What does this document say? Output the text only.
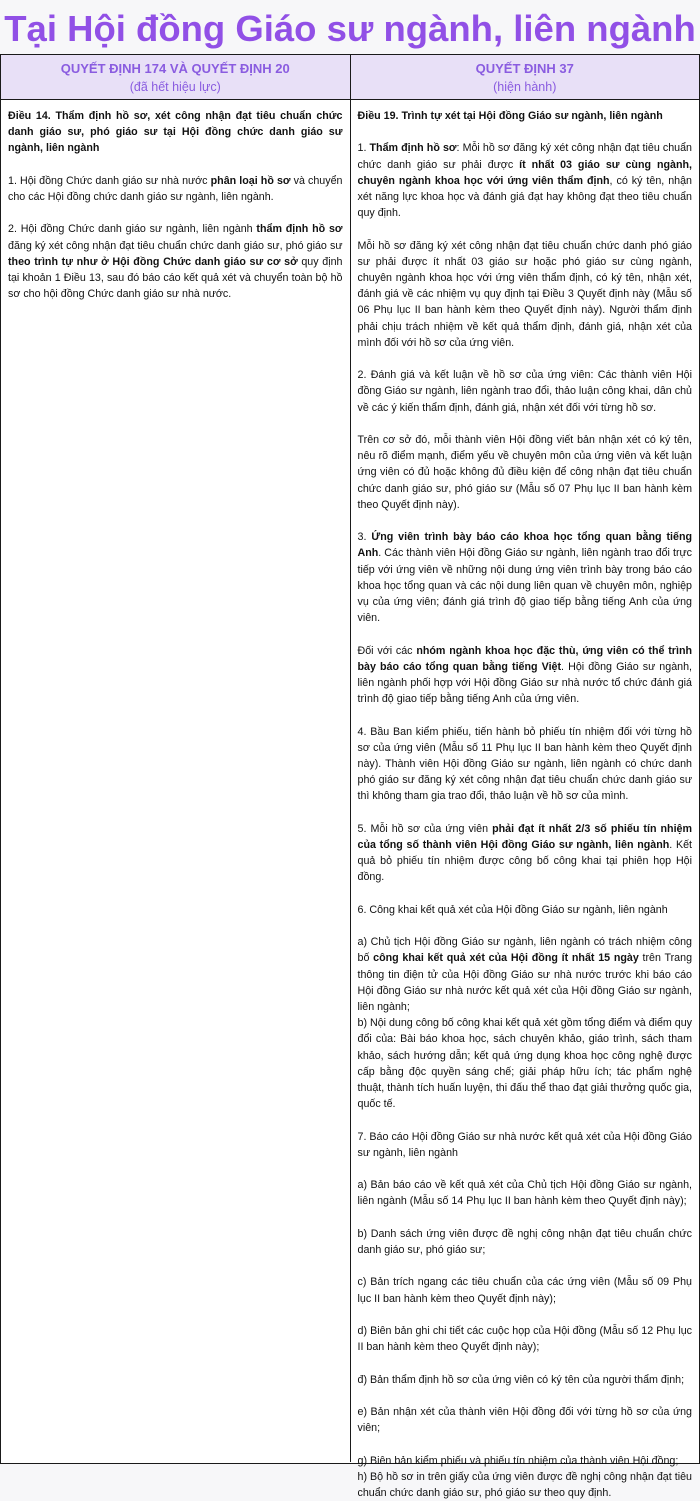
Tại Hội đồng Giáo sư ngành, liên ngành
QUYẾT ĐỊNH 174 VÀ QUYẾT ĐỊNH 20
(đã hết hiệu lực)
QUYẾT ĐỊNH 37
(hiện hành)

Điều 14. Thẩm định hồ sơ, xét công nhận đạt tiêu chuẩn chức danh giáo sư, phó giáo sư tại Hội đồng chức danh giáo sư ngành, liên ngành

1. Hội đồng Chức danh giáo sư nhà nước phân loại hồ sơ và chuyển cho các Hội đồng chức danh giáo sư ngành, liên ngành.

2. Hội đồng Chức danh giáo sư ngành, liên ngành thẩm định hồ sơ đăng ký xét công nhận đạt tiêu chuẩn chức danh giáo sư, phó giáo sư theo trình tự như ở Hội đồng Chức danh giáo sư cơ sở quy định tại khoản 1 Điều 13, sau đó báo cáo kết quả xét và chuyển toàn bộ hồ sơ cho hội đồng Chức danh giáo sư nhà nước.

Điều 19. Trình tự xét tại Hội đồng Giáo sư ngành, liên ngành

1. Thẩm định hồ sơ: Mỗi hồ sơ đăng ký xét công nhận đạt tiêu chuẩn chức danh giáo sư phải được ít nhất 03 giáo sư cùng ngành, chuyên ngành khoa học với ứng viên thẩm định, có ký tên, nhận xét năng lực khoa học và đánh giá đạt hay không đạt theo tiêu chuẩn quy định.

Mỗi hồ sơ đăng ký xét công nhận đạt tiêu chuẩn chức danh phó giáo sư phải được ít nhất 03 giáo sư hoặc phó giáo sư cùng ngành, chuyên ngành khoa học với ứng viên thẩm định, có ký tên, nhận xét, đánh giá về các nhiệm vụ quy định tại Điều 3 Quyết định này (Mẫu số 06 Phụ lục II ban hành kèm theo Quyết định này). Người thẩm định phải chịu trách nhiệm về kết quả thẩm định, đánh giá, nhận xét của mình đối với hồ sơ của ứng viên.

2. Đánh giá và kết luận về hồ sơ của ứng viên: Các thành viên Hội đồng Giáo sư ngành, liên ngành trao đổi, thảo luận công khai, dân chủ về các ý kiến thẩm định, đánh giá, nhận xét đối với từng hồ sơ.

Trên cơ sở đó, mỗi thành viên Hội đồng viết bản nhận xét có ký tên, nêu rõ điểm mạnh, điểm yếu về chuyên môn của ứng viên và kết luận ứng viên có đủ hoặc không đủ điều kiện để công nhận đạt tiêu chuẩn chức danh giáo sư, phó giáo sư (Mẫu số 07 Phụ lục II ban hành kèm theo Quyết định này).

3. Ứng viên trình bày báo cáo khoa học tổng quan bằng tiếng Anh. Các thành viên Hội đồng Giáo sư ngành, liên ngành trao đổi trực tiếp với ứng viên về những nội dung ứng viên trình bày trong báo cáo khoa học tổng quan và các nội dung liên quan về chuyên môn, nghiệp vụ của ứng viên; đánh giá trình độ giao tiếp bằng tiếng Anh của ứng viên.

Đối với các nhóm ngành khoa học đặc thù, ứng viên có thể trình bày báo cáo tổng quan bằng tiếng Việt. Hội đồng Giáo sư ngành, liên ngành phối hợp với Hội đồng Giáo sư nhà nước tổ chức đánh giá trình độ giao tiếp bằng tiếng Anh của ứng viên.

4. Bầu Ban kiểm phiếu, tiến hành bỏ phiếu tín nhiệm đối với từng hồ sơ của ứng viên (Mẫu số 11 Phụ lục II ban hành kèm theo Quyết định này). Thành viên Hội đồng Giáo sư ngành, liên ngành có chức danh phó giáo sư đăng ký xét công nhận đạt tiêu chuẩn chức danh giáo sư thì không tham gia trao đổi, thảo luận về hồ sơ của mình.

5. Mỗi hồ sơ của ứng viên phải đạt ít nhất 2/3 số phiếu tín nhiệm của tổng số thành viên Hội đồng Giáo sư ngành, liên ngành. Kết quả bỏ phiếu tín nhiệm được công bố công khai tại phiên họp Hội đồng.

6. Công khai kết quả xét của Hội đồng Giáo sư ngành, liên ngành

a) Chủ tịch Hội đồng Giáo sư ngành, liên ngành có trách nhiệm công bố công khai kết quả xét của Hội đồng ít nhất 15 ngày trên Trang thông tin điện tử của Hội đồng Giáo sư nhà nước trước khi báo cáo Hội đồng Giáo sư nhà nước kết quả xét của Hội đồng Giáo sư ngành, liên ngành;

b) Nội dung công bố công khai kết quả xét gồm tổng điểm và điểm quy đổi của: Bài báo khoa học, sách chuyên khảo, giáo trình, sách tham khảo, sách hướng dẫn; kết quả ứng dụng khoa học công nghệ được cấp bằng độc quyền sáng chế; giải pháp hữu ích; tác phẩm nghệ thuật, thành tích huấn luyện, thi đấu thể thao đạt giải thưởng quốc gia, quốc tế.

7. Báo cáo Hội đồng Giáo sư nhà nước kết quả xét của Hội đồng Giáo sư ngành, liên ngành

a) Bản báo cáo về kết quả xét của Chủ tịch Hội đồng Giáo sư ngành, liên ngành (Mẫu số 14 Phụ lục II ban hành kèm theo Quyết định này);

b) Danh sách ứng viên được đề nghị công nhận đạt tiêu chuẩn chức danh giáo sư, phó giáo sư;

c) Bản trích ngang các tiêu chuẩn của các ứng viên (Mẫu số 09 Phụ lục II ban hành kèm theo Quyết định này);

d) Biên bản ghi chi tiết các cuộc họp của Hội đồng (Mẫu số 12 Phụ lục II ban hành kèm theo Quyết định này);

đ) Bản thẩm định hồ sơ của ứng viên có ký tên của người thẩm định;

e) Bản nhận xét của thành viên Hội đồng đối với từng hồ sơ của ứng viên;

g) Biên bản kiểm phiếu và phiếu tín nhiệm của thành viên Hội đồng;

h) Bộ hồ sơ in trên giấy của ứng viên được đề nghị công nhận đạt tiêu chuẩn chức danh giáo sư, phó giáo sư theo quy định.
